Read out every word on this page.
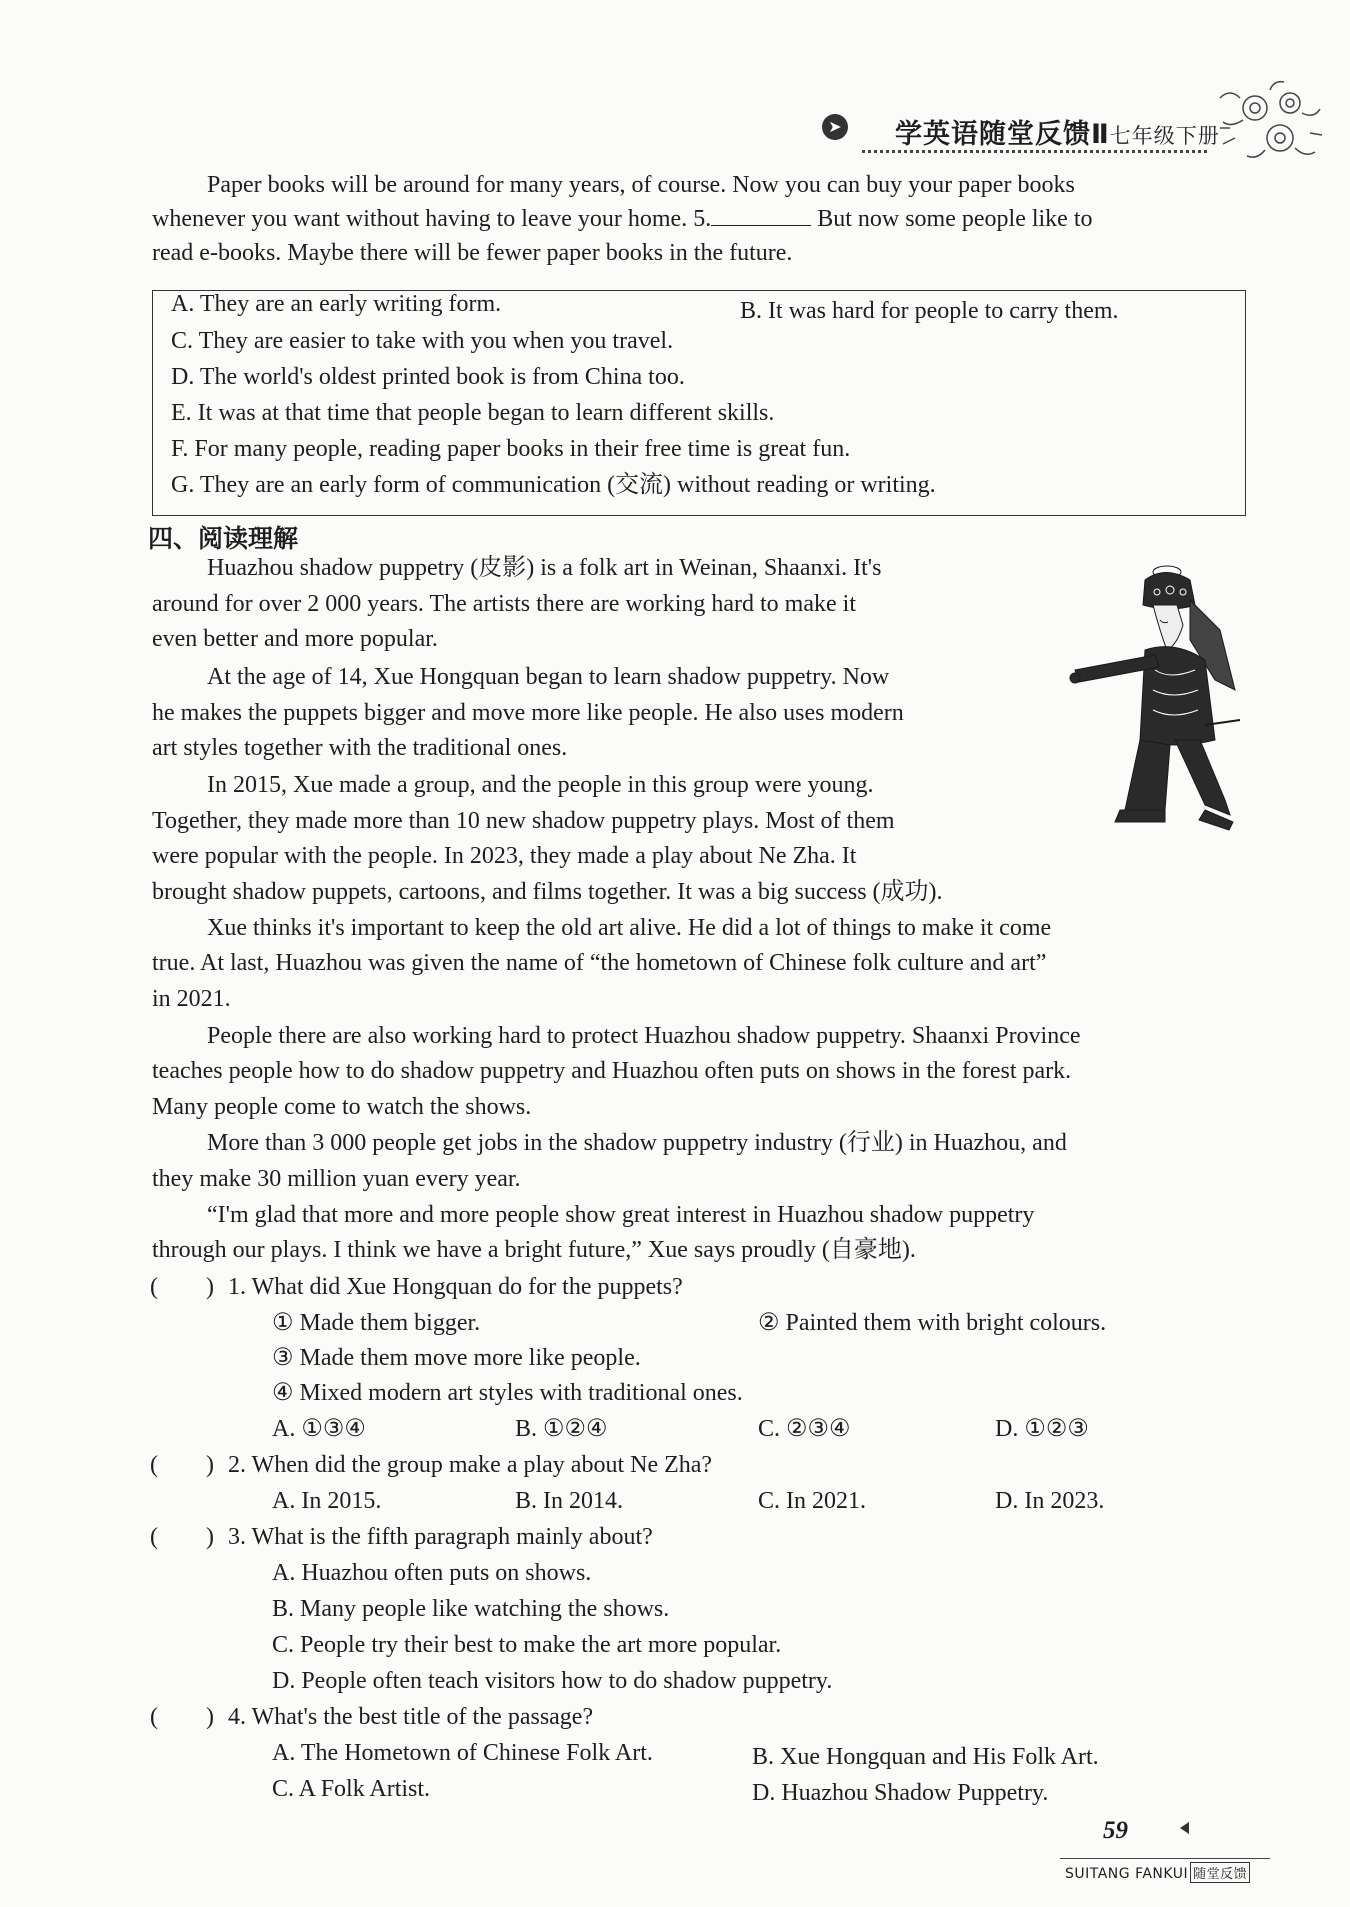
➤ 学英语随堂反馈Ⅱ七年级下册
Paper books will be around for many years, of course. Now you can buy your paper books
whenever you want without having to leave your home. 5.	But now some people like to
read e-books. Maybe there will be fewer paper books in the future.
A. They are an early writing form.	B. It was hard for people to carry them.
C. They are easier to take with you when you travel.
D. The world's oldest printed book is from China too.
E. It was at that time that people began to learn different skills.
F. For many people, reading paper books in their free time is great fun.
G. They are an early form of communication (交流) without reading or writing.
四、阅读理解
Huazhou shadow puppetry (皮影) is a folk art in Weinan, Shaanxi. It's
around for over 2 000 years. The artists there are working hard to make it
even better and more popular.
At the age of 14, Xue Hongquan began to learn shadow puppetry. Now
he makes the puppets bigger and move more like people. He also uses modern
art styles together with the traditional ones.
In 2015, Xue made a group, and the people in this group were young.
Together, they made more than 10 new shadow puppetry plays. Most of them
were popular with the people. In 2023, they made a play about Ne Zha. It
brought shadow puppets, cartoons, and films together. It was a big success (成功).
Xue thinks it's important to keep the old art alive. He did a lot of things to make it come
true. At last, Huazhou was given the name of “the hometown of Chinese folk culture and art”
in 2021.
People there are also working hard to protect Huazhou shadow puppetry. Shaanxi Province
teaches people how to do shadow puppetry and Huazhou often puts on shows in the forest park.
Many people come to watch the shows.
More than 3 000 people get jobs in the shadow puppetry industry (行业) in Huazhou, and
they make 30 million yuan every year.
“I'm glad that more and more people show great interest in Huazhou shadow puppetry
through our plays. I think we have a bright future,” Xue says proudly (自豪地).
(　　) 1. What did Xue Hongquan do for the puppets?
① Made them bigger.	② Painted them with bright colours.
③ Made them move more like people.
④ Mixed modern art styles with traditional ones.
A. ①③④	B. ①②④	C. ②③④	D. ①②③
(　　) 2. When did the group make a play about Ne Zha?
A. In 2015.	B. In 2014.	C. In 2021.	D. In 2023.
(　　) 3. What is the fifth paragraph mainly about?
A. Huazhou often puts on shows.
B. Many people like watching the shows.
C. People try their best to make the art more popular.
D. People often teach visitors how to do shadow puppetry.
(　　) 4. What's the best title of the passage?
A. The Hometown of Chinese Folk Art.	B. Xue Hongquan and His Folk Art.
C. A Folk Artist.	D. Huazhou Shadow Puppetry.
59
SUITANG FANKUI 随堂反馈
